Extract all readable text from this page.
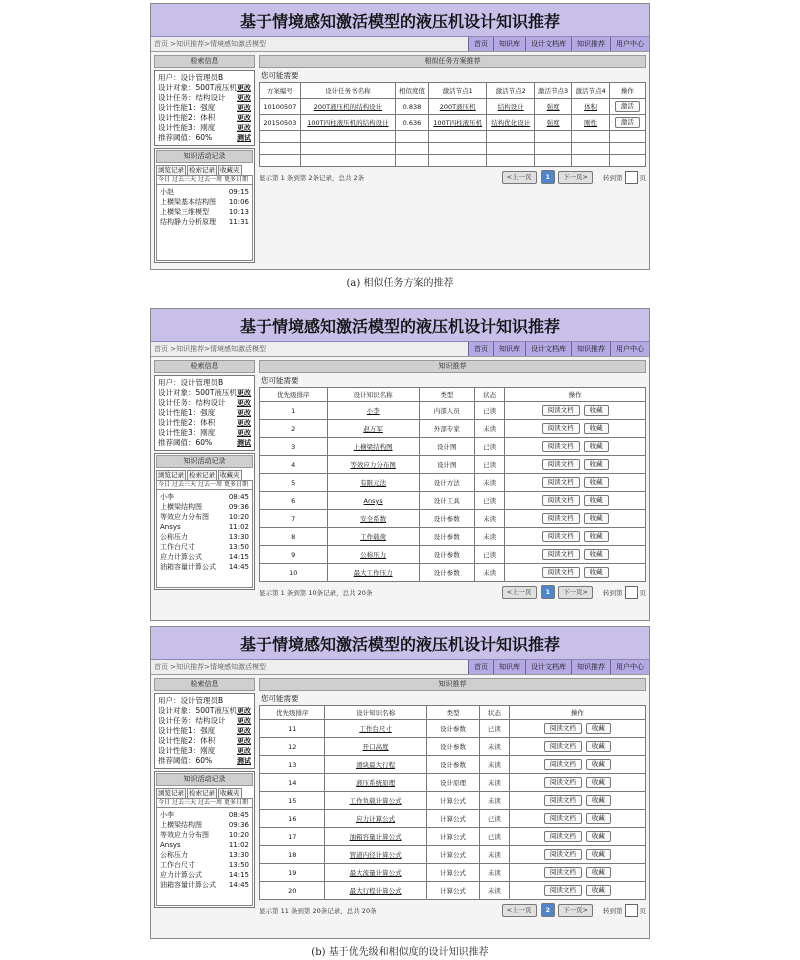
基于情境感知激活模型的液压机设计知识推荐
首页 >知识推荐>情境感知激活模型	首页	知识库	设计文档库	知识推荐	用户中心
检索信息
用户：设计管理员B
设计对象：500T液压机 更改
设计任务：结构设计 更改
设计性能1：强度	更改
设计性能2：体积	更改
设计性能3：刚度	更改
推荐阈值：60%	测试
知识活动记录
浏览记录 检索记录 收藏夹
今日 过去三天 过去一周 更多日期
小赵	09:15
上横梁基本结构图 10:06
上横梁三维模型	10:13
结构静力分析原理 11:31
相似任务方案推荐
您可能需要
方案编号	设计任务书名称	相似度值	激活节点1	激活节点2	激活节点3	激活节点4	操作
10100507	200T液压机的结构设计	0.838	200T液压机	结构设计	强度	体积	激活
20150503	100T四柱液压机的结构设计	0.636	100T四柱液压机	结构优化设计	强度	刚性	激活

显示第 1 条到第 2条记录，总共 2条	<上一页	1	下一页>	转到第	页
(a) 相似任务方案的推荐
基于情境感知激活模型的液压机设计知识推荐
首页 >知识推荐>情境感知激活模型	首页	知识库	设计文档库	知识推荐	用户中心
检索信息
用户：设计管理员B
设计对象：500T液压机 更改
设计任务：结构设计 更改
设计性能1：强度	更改
设计性能2：体积	更改
设计性能3：刚度	更改
推荐阈值：60%	测试
知识活动记录
浏览记录 检索记录 收藏夹
今日 过去三天 过去一周 更多日期
小李	08:45
上横梁结构图	09:36
等效应力分布图	10:20
Ansys	11:02
公称压力	13:30
工作台尺寸	13:50
应力计算公式	14:15
油箱容量计算公式 14:45
知识推荐
您可能需要
优先级排序	设计知识名称	类型	状态	操作
1	小李	内部人员	已读	阅读文档 收藏
2	赵万军	外部专家	未读	阅读文档 收藏
3	上横梁结构图	设计图	已读	阅读文档 收藏
4	等效应力分布图	设计图	已读	阅读文档 收藏
5	有限元法	设计方法	未读	阅读文档 收藏
6	Ansys	设计工具	已读	阅读文档 收藏
7	安全系数	设计参数	未读	阅读文档 收藏
8	工作载荷	设计参数	未读	阅读文档 收藏
9	公称压力	设计参数	已读	阅读文档 收藏
10	最大工作压力	设计参数	未读	阅读文档 收藏
显示第 1 条到第 10条记录，总共 20条	<上一页	1	下一页>	转到第	页
基于情境感知激活模型的液压机设计知识推荐
首页 >知识推荐>情境感知激活模型	首页	知识库	设计文档库	知识推荐	用户中心
检索信息
用户：设计管理员B
设计对象：500T液压机 更改
设计任务：结构设计 更改
设计性能1：强度	更改
设计性能2：体积	更改
设计性能3：刚度	更改
推荐阈值：60%	测试
知识活动记录
浏览记录 检索记录 收藏夹
今日 过去三天 过去一周 更多日期
小李	08:45
上横梁结构图	09:36
等效应力分布图	10:20
Ansys	11:02
公称压力	13:30
工作台尺寸	13:50
应力计算公式	14:15
油箱容量计算公式 14:45
知识推荐
您可能需要
优先级排序	设计知识名称	类型	状态	操作
11	工作台尺寸	设计参数	已读	阅读文档 收藏
12	开口高度	设计参数	未读	阅读文档 收藏
13	滑块最大行程	设计参数	未读	阅读文档 收藏
14	液压系统原理	设计原理	未读	阅读文档 收藏
15	工作负载计算公式	计算公式	未读	阅读文档 收藏
16	应力计算公式	计算公式	已读	阅读文档 收藏
17	油箱容量计算公式	计算公式	已读	阅读文档 收藏
18	管道内径计算公式	计算公式	未读	阅读文档 收藏
19	最大流量计算公式	计算公式	未读	阅读文档 收藏
20	最大行程计算公式	计算公式	未读	阅读文档 收藏
显示第 11 条到第 20条记录，总共 20条	<上一页	2	下一页>	转到第	页
(b) 基于优先级和相似度的设计知识推荐
